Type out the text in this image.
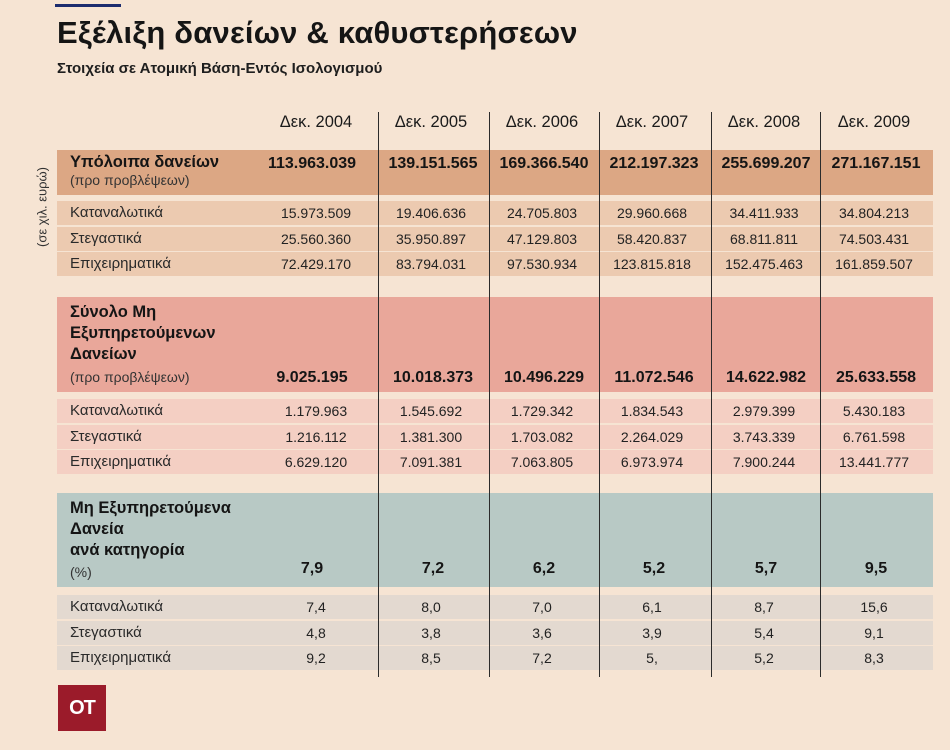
Εξέλιξη δανείων & καθυστερήσεων
Στοιχεία σε Ατομική Βάση-Εντός Ισολογισμού
(σε χιλ. ευρώ)
Δεκ. 2004	Δεκ. 2005	Δεκ. 2006	Δεκ. 2007	Δεκ. 2008	Δεκ. 2009
Υπόλοιπα δανείων
(προ προβλέψεων)
113.963.039	139.151.565	169.366.540	212.197.323	255.699.207	271.167.151
Καταναλωτικά	15.973.509	19.406.636	24.705.803	29.960.668	34.411.933	34.804.213
Στεγαστικά	25.560.360	35.950.897	47.129.803	58.420.837	68.811.811	74.503.431
Επιχειρηματικά	72.429.170	83.794.031	97.530.934	123.815.818	152.475.463	161.859.507
Σύνολο Μη
Εξυπηρετούμενων
Δανείων
(προ προβλέψεων)	9.025.195	10.018.373	10.496.229	11.072.546	14.622.982	25.633.558
Καταναλωτικά	1.179.963	1.545.692	1.729.342	1.834.543	2.979.399	5.430.183
Στεγαστικά	1.216.112	1.381.300	1.703.082	2.264.029	3.743.339	6.761.598
Επιχειρηματικά	6.629.120	7.091.381	7.063.805	6.973.974	7.900.244	13.441.777
Μη Εξυπηρετούμενα
Δανεία
ανά κατηγορία
(%)	7,9	7,2	6,2	5,2	5,7	9,5
Καταναλωτικά	7,4	8,0	7,0	6,1	8,7	15,6
Στεγαστικά	4,8	3,8	3,6	3,9	5,4	9,1
Επιχειρηματικά	9,2	8,5	7,2	5,	5,2	8,3
OT
